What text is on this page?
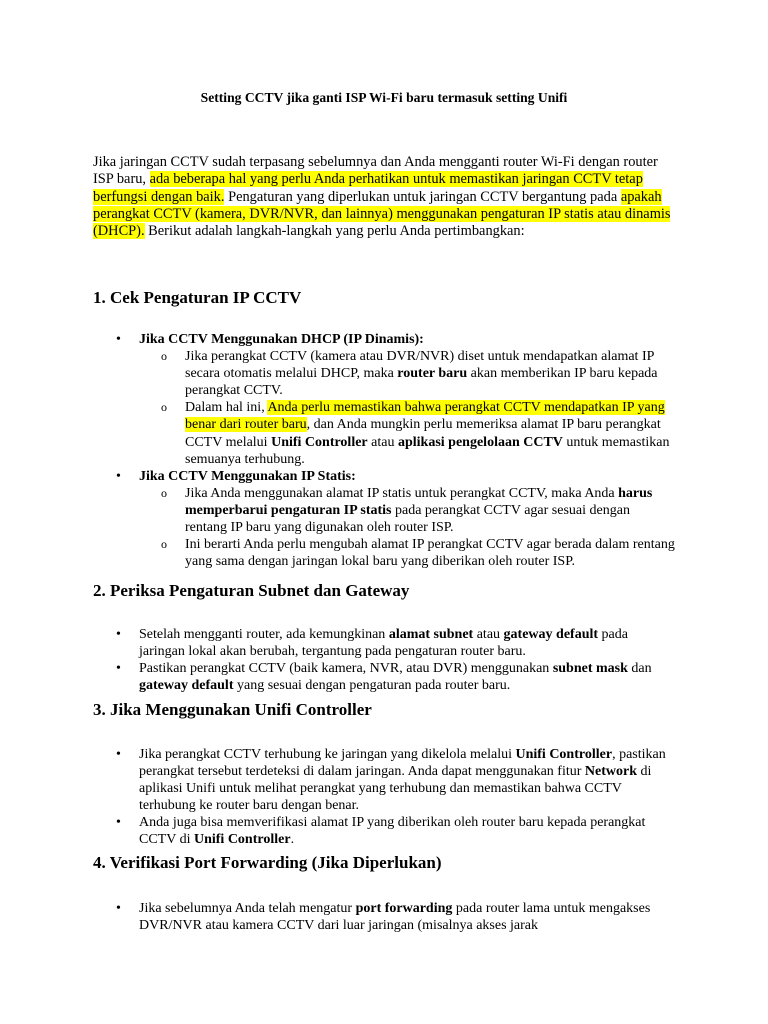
Setting CCTV jika ganti ISP Wi-Fi baru termasuk setting Unifi

Jika jaringan CCTV sudah terpasang sebelumnya dan Anda mengganti router Wi-Fi dengan router ISP baru, ada beberapa hal yang perlu Anda perhatikan untuk memastikan jaringan CCTV tetap berfungsi dengan baik. Pengaturan yang diperlukan untuk jaringan CCTV bergantung pada apakah perangkat CCTV (kamera, DVR/NVR, dan lainnya) menggunakan pengaturan IP statis atau dinamis (DHCP). Berikut adalah langkah-langkah yang perlu Anda pertimbangkan:

1. Cek Pengaturan IP CCTV
• Jika CCTV Menggunakan DHCP (IP Dinamis):
o Jika perangkat CCTV (kamera atau DVR/NVR) diset untuk mendapatkan alamat IP secara otomatis melalui DHCP, maka router baru akan memberikan IP baru kepada perangkat CCTV.
o Dalam hal ini, Anda perlu memastikan bahwa perangkat CCTV mendapatkan IP yang benar dari router baru, dan Anda mungkin perlu memeriksa alamat IP baru perangkat CCTV melalui Unifi Controller atau aplikasi pengelolaan CCTV untuk memastikan semuanya terhubung.
• Jika CCTV Menggunakan IP Statis:
o Jika Anda menggunakan alamat IP statis untuk perangkat CCTV, maka Anda harus memperbarui pengaturan IP statis pada perangkat CCTV agar sesuai dengan rentang IP baru yang digunakan oleh router ISP.
o Ini berarti Anda perlu mengubah alamat IP perangkat CCTV agar berada dalam rentang yang sama dengan jaringan lokal baru yang diberikan oleh router ISP.
2. Periksa Pengaturan Subnet dan Gateway
• Setelah mengganti router, ada kemungkinan alamat subnet atau gateway default pada jaringan lokal akan berubah, tergantung pada pengaturan router baru.
• Pastikan perangkat CCTV (baik kamera, NVR, atau DVR) menggunakan subnet mask dan gateway default yang sesuai dengan pengaturan pada router baru.
3. Jika Menggunakan Unifi Controller
• Jika perangkat CCTV terhubung ke jaringan yang dikelola melalui Unifi Controller, pastikan perangkat tersebut terdeteksi di dalam jaringan. Anda dapat menggunakan fitur Network di aplikasi Unifi untuk melihat perangkat yang terhubung dan memastikan bahwa CCTV terhubung ke router baru dengan benar.
• Anda juga bisa memverifikasi alamat IP yang diberikan oleh router baru kepada perangkat CCTV di Unifi Controller.
4. Verifikasi Port Forwarding (Jika Diperlukan)
• Jika sebelumnya Anda telah mengatur port forwarding pada router lama untuk mengakses DVR/NVR atau kamera CCTV dari luar jaringan (misalnya akses jarak
